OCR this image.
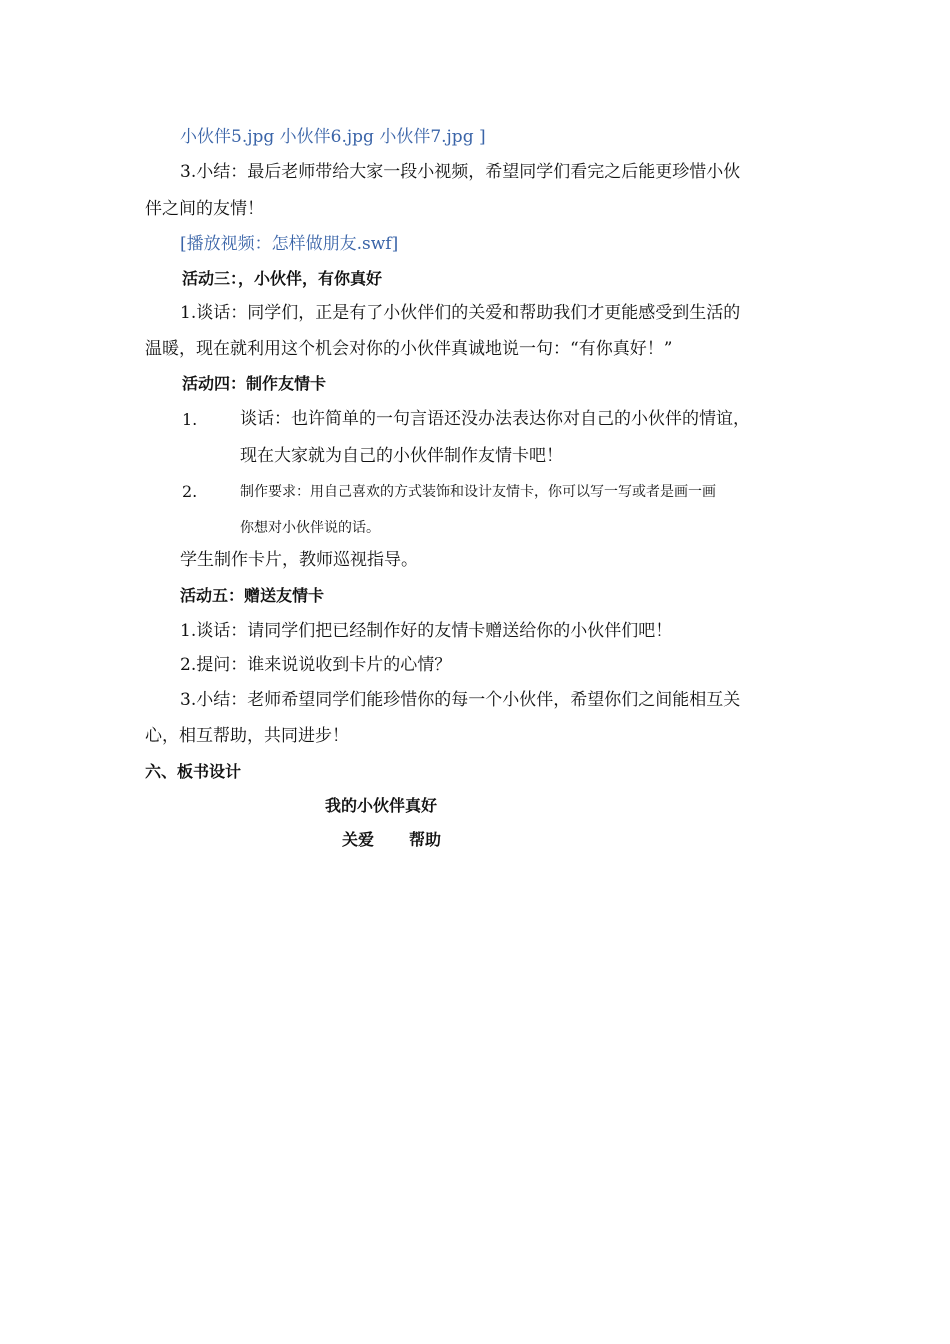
小伙伴5.jpg 小伙伴6.jpg 小伙伴7.jpg ]
3.小结：最后老师带给大家一段小视频，希望同学们看完之后能更珍惜小伙
伴之间的友情！
[播放视频：怎样做朋友.swf]
活动三：，小伙伴，有你真好
1.谈话：同学们，正是有了小伙伴们的关爱和帮助我们才更能感受到生活的
温暖，现在就利用这个机会对你的小伙伴真诚地说一句：“有你真好！”
活动四：制作友情卡
1.	谈话：也许简单的一句言语还没办法表达你对自己的小伙伴的情谊，
现在大家就为自己的小伙伴制作友情卡吧！
2.	制作要求：用自己喜欢的方式装饰和设计友情卡，你可以写一写或者是画一画
你想对小伙伴说的话。
学生制作卡片，教师巡视指导。
活动五：赠送友情卡
1.谈话：请同学们把已经制作好的友情卡赠送给你的小伙伴们吧！
2.提问：谁来说说收到卡片的心情？
3.小结：老师希望同学们能珍惜你的每一个小伙伴，希望你们之间能相互关
心，相互帮助，共同进步！
六、板书设计
我的小伙伴真好
关爱 帮助
